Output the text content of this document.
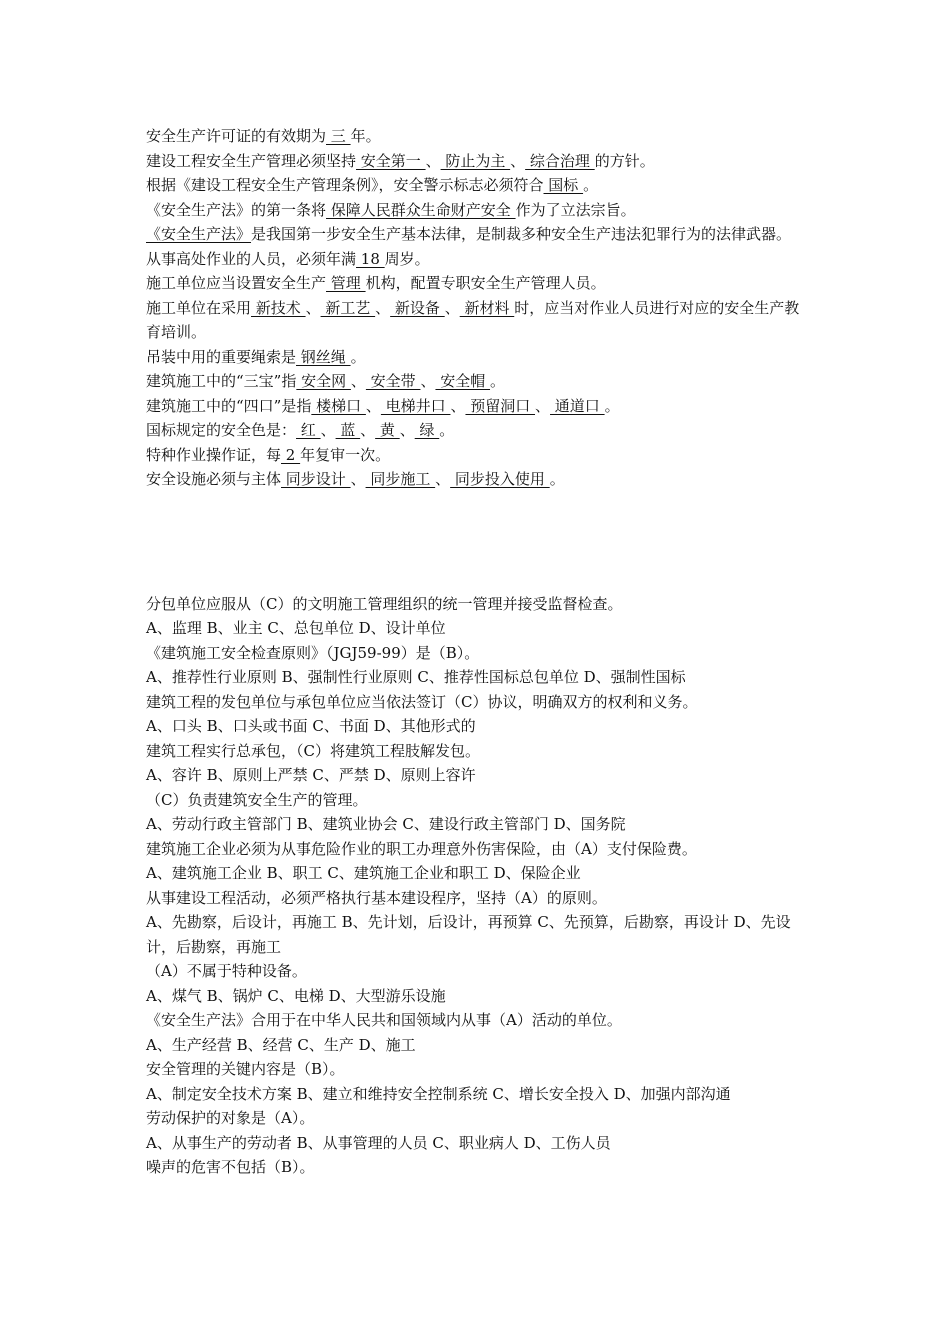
安全生产许可证的有效期为 三 年。
建设工程安全生产管理必须坚持 安全第一 、 防止为主 、 综合治理 的方针。
根据《建设工程安全生产管理条例》，安全警示标志必须符合 国标 。
《安全生产法》的第一条将 保障人民群众生命财产安全 作为了立法宗旨。
《安全生产法》是我国第一步安全生产基本法律，是制裁多种安全生产违法犯罪行为的法律武器。
从事高处作业的人员，必须年满 18 周岁。
施工单位应当设置安全生产 管理 机构，配置专职安全生产管理人员。
施工单位在采用 新技术 、 新工艺 、 新设备 、 新材料 时，应当对作业人员进行对应的安全生产教育培训。
吊装中用的重要绳索是 钢丝绳 。
建筑施工中的“三宝”指 安全网 、 安全带 、 安全帽 。
建筑施工中的“四口”是指 楼梯口 、 电梯井口 、 预留洞口 、 通道口 。
国标规定的安全色是： 红 、 蓝 、 黄 、 绿 。
特种作业操作证，每 2 年复审一次。
安全设施必须与主体 同步设计 、 同步施工 、 同步投入使用 。
分包单位应服从（C）的文明施工管理组织的统一管理并接受监督检查。
A、监理 B、业主 C、总包单位 D、设计单位
《建筑施工安全检查原则》（JGJ59-99）是（B）。
A、推荐性行业原则 B、强制性行业原则 C、推荐性国标总包单位 D、强制性国标
建筑工程的发包单位与承包单位应当依法签订（C）协议，明确双方的权利和义务。
A、口头 B、口头或书面 C、书面 D、其他形式的
建筑工程实行总承包，（C）将建筑工程肢解发包。
A、容许 B、原则上严禁 C、严禁 D、原则上容许
（C）负责建筑安全生产的管理。
A、劳动行政主管部门 B、建筑业协会 C、建设行政主管部门 D、国务院
建筑施工企业必须为从事危险作业的职工办理意外伤害保险，由（A）支付保险费。
A、建筑施工企业 B、职工 C、建筑施工企业和职工 D、保险企业
从事建设工程活动，必须严格执行基本建设程序，坚持（A）的原则。
A、先勘察，后设计，再施工 B、先计划，后设计，再预算 C、先预算，后勘察，再设计 D、先设计，后勘察，再施工
（A）不属于特种设备。
A、煤气 B、锅炉 C、电梯 D、大型游乐设施
《安全生产法》合用于在中华人民共和国领域内从事（A）活动的单位。
A、生产经营 B、经营 C、生产 D、施工
安全管理的关键内容是（B）。
A、制定安全技术方案 B、建立和维持安全控制系统 C、增长安全投入 D、加强内部沟通
劳动保护的对象是（A）。
A、从事生产的劳动者 B、从事管理的人员 C、职业病人 D、工伤人员
噪声的危害不包括（B）。
